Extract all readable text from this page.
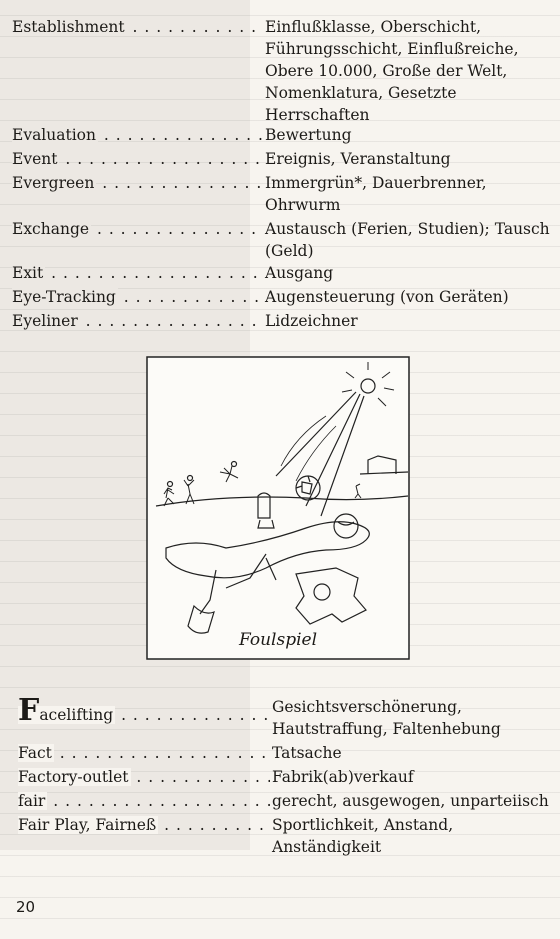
Establishment . . .	Einflußklasse, Oberschicht, Führungsschicht, Einflußreiche, Obere 10.000, Große der Welt, Nomenklatura, Gesetzte Herrschaften
Evaluation . . .	Bewertung
Event . . .	Ereignis, Veranstaltung
Evergreen . . .	Immergrün*, Dauerbrenner, Ohrwurm
Exchange . . .	Austausch (Ferien, Studien); Tausch (Geld)
Exit . . .	Ausgang
Eye-Tracking . . .	Augensteuerung (von Geräten)
Eyeliner . . .	Lidzeichner
Foulspiel
Facelifting . . .	Gesichtsverschönerung, Hautstraffung, Faltenhebung
Fact . . .	Tatsache
Factory-outlet . . .	Fabrik(ab)verkauf
fair . . .	gerecht, ausgewogen, unparteiisch
Fair Play, Fairneß . . .	Sportlichkeit, Anstand, Anständigkeit
20
